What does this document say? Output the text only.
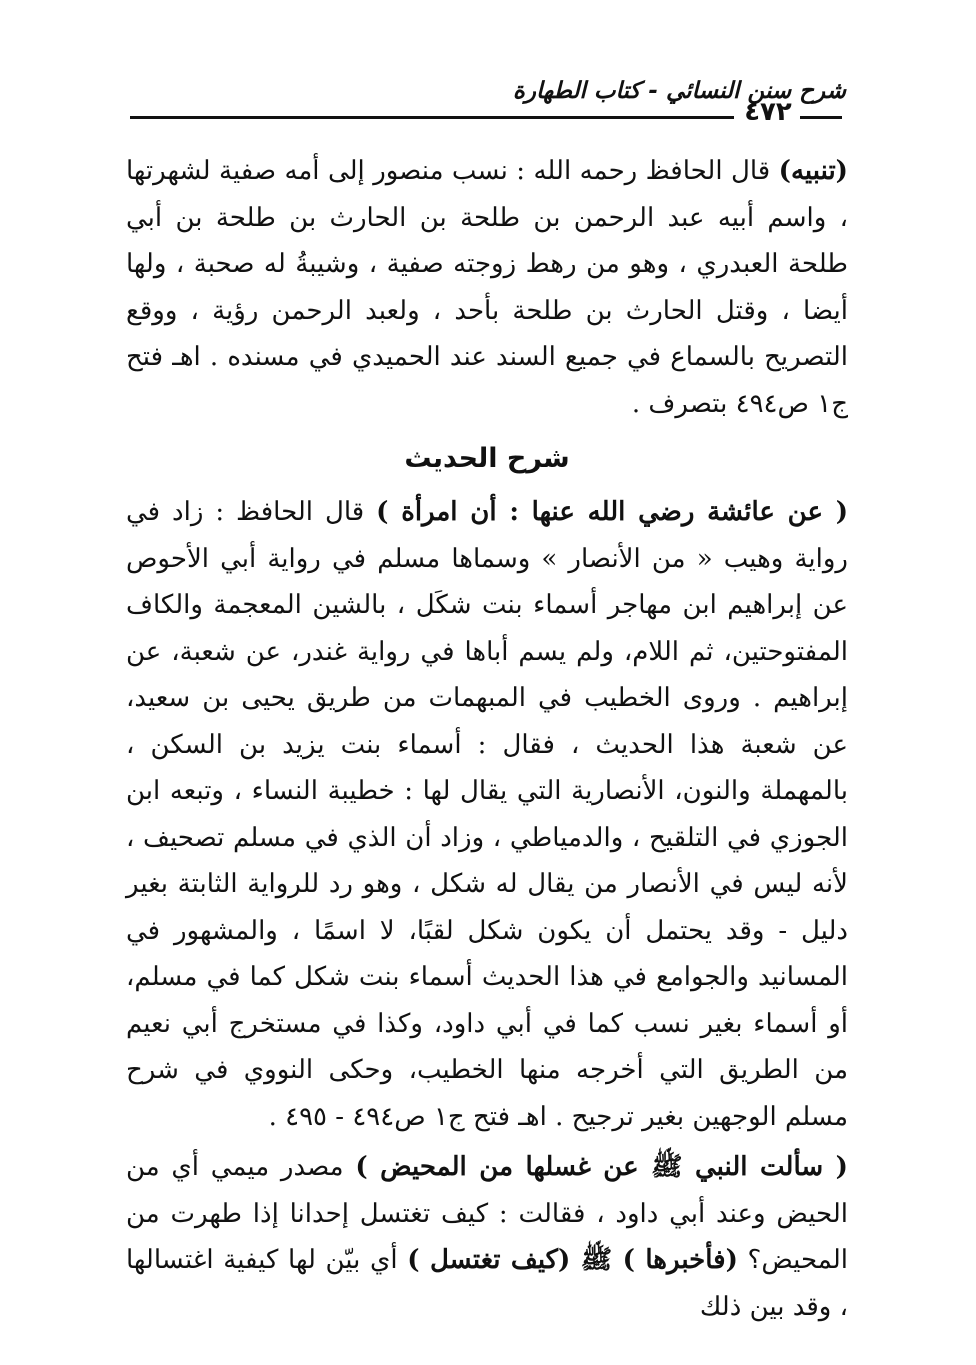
شرح سنن النسائي - كتاب الطهارة
٤٧٢

(تنبيه) قال الحافظ رحمه الله : نسب منصور إلى أمه صفية لشهرتها ، واسم أبيه عبد الرحمن بن طلحة بن الحارث بن طلحة بن أبي طلحة العبدري ، وهو من رهط زوجته صفية ، وشيبةُ له صحبة ، ولها أيضا ، وقتل الحارث بن طلحة بأحد ، ولعبد الرحمن رؤية ، ووقع التصريح بالسماع في جميع السند عند الحميدي في مسنده . اهـ فتح ج١ ص٤٩٤ بتصرف .

شرح الحديث

( عن عائشة رضي الله عنها : أن امرأة ) قال الحافظ : زاد في رواية وهيب « من الأنصار » وسماها مسلم في رواية أبي الأحوص عن إبراهيم ابن مهاجر أسماء بنت شكَل ، بالشين المعجمة والكاف المفتوحتين، ثم اللام، ولم يسم أباها في رواية غندر، عن شعبة، عن إبراهيم . وروى الخطيب في المبهمات من طريق يحيى بن سعيد، عن شعبة هذا الحديث ، فقال : أسماء بنت يزيد بن السكن ، بالمهملة والنون، الأنصارية التي يقال لها : خطيبة النساء ، وتبعه ابن الجوزي في التلقيح ، والدمياطي ، وزاد أن الذي في مسلم تصحيف ، لأنه ليس في الأنصار من يقال له شكل ، وهو رد للرواية الثابتة بغير دليل - وقد يحتمل أن يكون شكل لقبًا، لا اسمًا ، والمشهور في المسانيد والجوامع في هذا الحديث أسماء بنت شكل كما في مسلم، أو أسماء بغير نسب كما في أبي داود، وكذا في مستخرج أبي نعيم من الطريق التي أخرجه منها الخطيب، وحكى النووي في شرح مسلم الوجهين بغير ترجيح . اهـ فتح ج١ ص٤٩٤ - ٤٩٥ .

( سألت النبي ﷺ عن غسلها من المحيض ) مصدر ميمي أي من الحيض وعند أبي داود ، فقالت : كيف تغتسل إحدانا إذا طهرت من المحيض؟ (فأخبرها ) ﷺ (كيف تغتسل ) أي بيّن لها كيفية اغتسالها ، وقد بين ذلك
